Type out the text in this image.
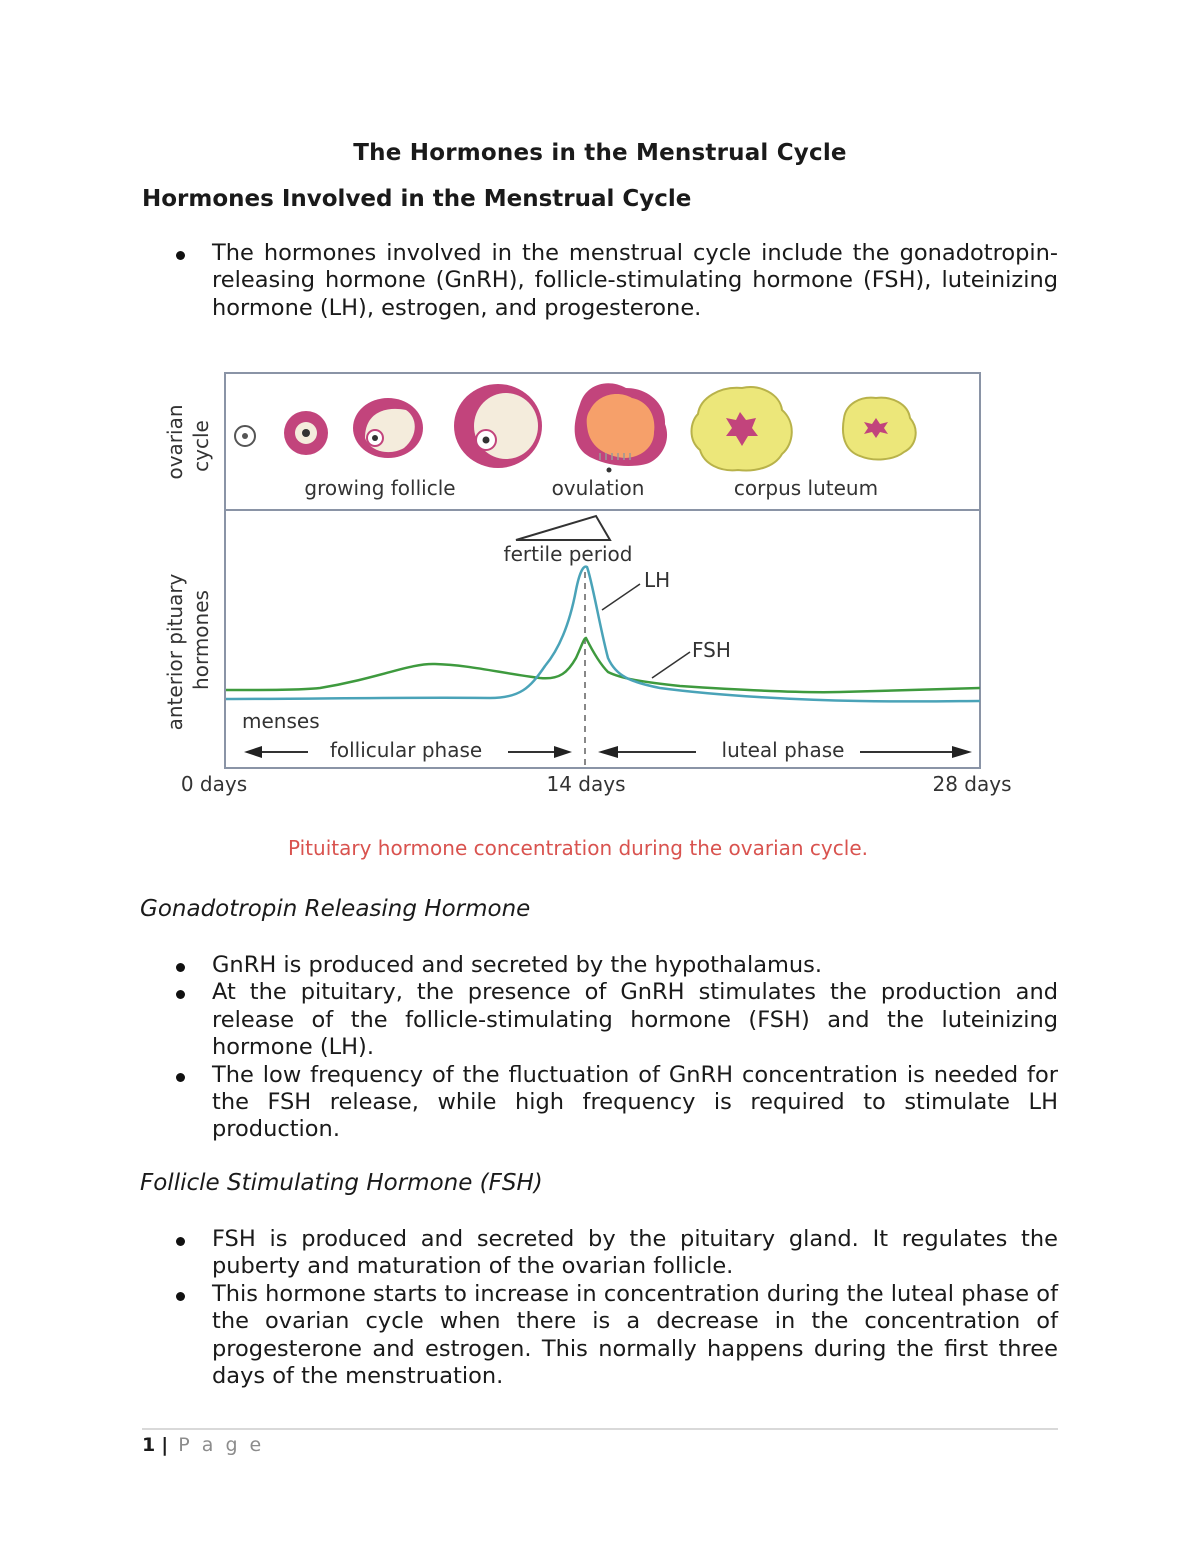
The Hormones in the Menstrual Cycle
Hormones Involved in the Menstrual Cycle
The hormones involved in the menstrual cycle include the gonadotropin-releasing hormone (GnRH), follicle-stimulating hormone (FSH), luteinizing hormone (LH), estrogen, and progesterone.
ovarian cycle
anterior pituary hormones
growing follicle	ovulation	corpus luteum
fertile period
LH
FSH
menses
follicular phase	luteal phase
0 days	14 days	28 days
Pituitary hormone concentration during the ovarian cycle.
Gonadotropin Releasing Hormone
GnRH is produced and secreted by the hypothalamus.
At the pituitary, the presence of GnRH stimulates the production and release of the follicle-stimulating hormone (FSH) and the luteinizing hormone (LH).
The low frequency of the fluctuation of GnRH concentration is needed for the FSH release, while high frequency is required to stimulate LH production.
Follicle Stimulating Hormone (FSH)
FSH is produced and secreted by the pituitary gland. It regulates the puberty and maturation of the ovarian follicle.
This hormone starts to increase in concentration during the luteal phase of the ovarian cycle when there is a decrease in the concentration of progesterone and estrogen. This normally happens during the first three days of the menstruation.
1 | P a g e
